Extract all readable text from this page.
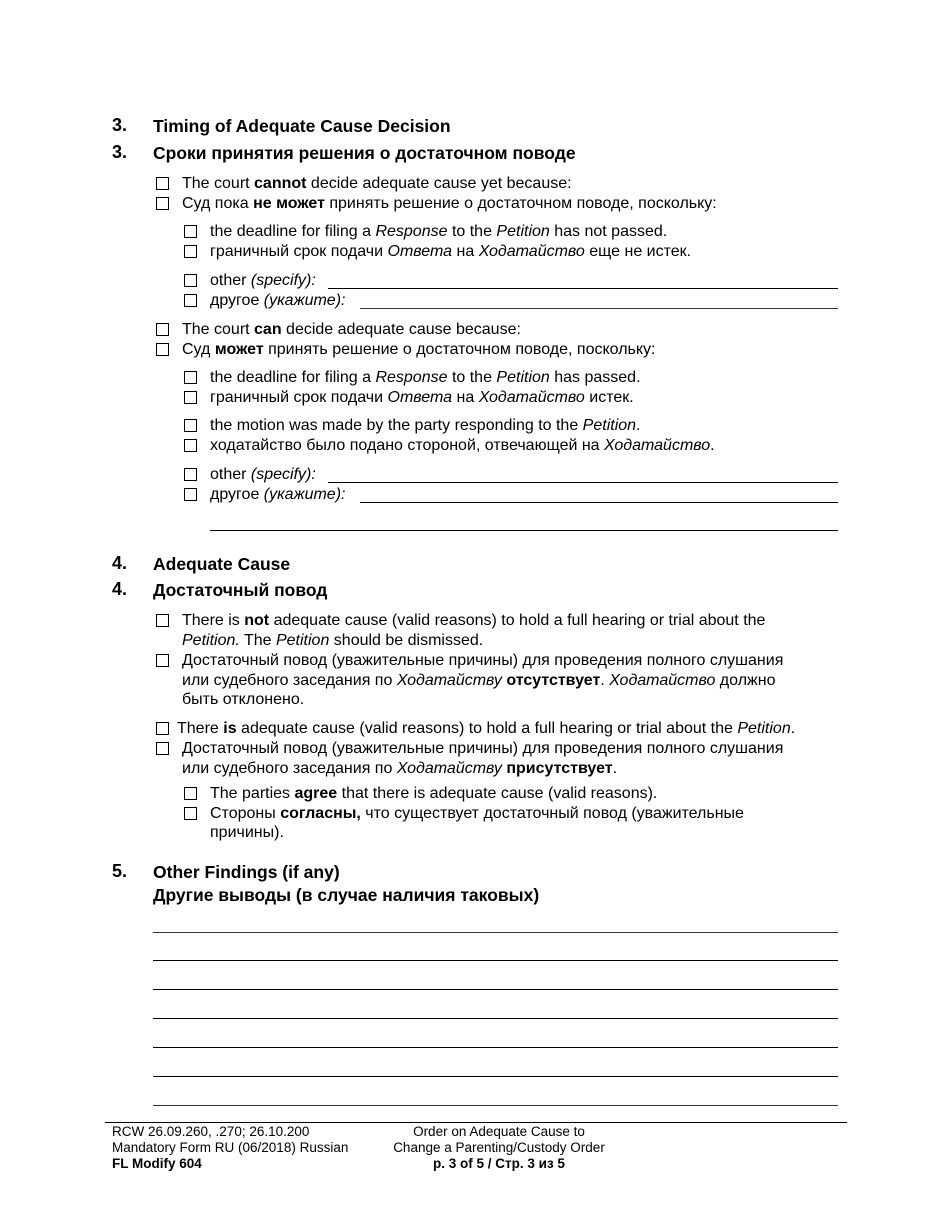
3. Timing of Adequate Cause Decision
3. Сроки принятия решения о достаточном поводе
The court cannot decide adequate cause yet because:
Суд пока не может принять решение о достаточном поводе, поскольку:
the deadline for filing a Response to the Petition has not passed.
граничный срок подачи Ответа на Ходатайство еще не истек.
other (specify):
другое (укажите):
The court can decide adequate cause because:
Суд может принять решение о достаточном поводе, поскольку:
the deadline for filing a Response to the Petition has passed.
граничный срок подачи Ответа на Ходатайство истек.
the motion was made by the party responding to the Petition.
ходатайство было подано стороной, отвечающей на Ходатайство.
other (specify):
другое (укажите):
4. Adequate Cause
4. Достаточный повод
There is not adequate cause (valid reasons) to hold a full hearing or trial about the
Petition. The Petition should be dismissed.
Достаточный повод (уважительные причины) для проведения полного слушания
или судебного заседания по Ходатайству отсутствует. Ходатайство должно
быть отклонено.
There is adequate cause (valid reasons) to hold a full hearing or trial about the Petition.
Достаточный повод (уважительные причины) для проведения полного слушания
или судебного заседания по Ходатайству присутствует.
The parties agree that there is adequate cause (valid reasons).
Стороны согласны, что существует достаточный повод (уважительные
причины).
5. Other Findings (if any)
Другие выводы (в случае наличия таковых)
RCW 26.09.260, .270; 26.10.200
Mandatory Form RU (06/2018) Russian
FL Modify 604
Order on Adequate Cause to
Change a Parenting/Custody Order
p. 3 of 5 / Стр. 3 из 5
